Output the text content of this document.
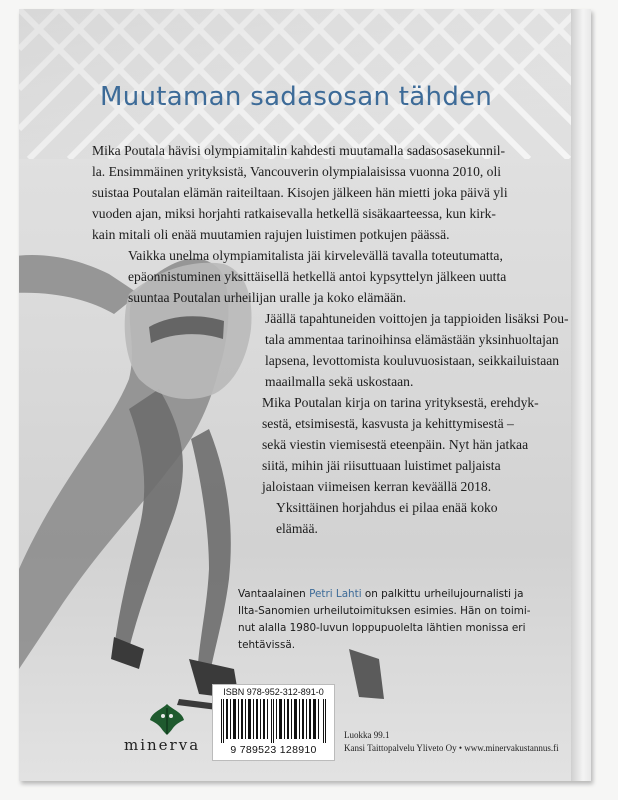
Muutaman sadasosan tähden
Mika Poutala hävisi olympiamitalin kahdesti muutamalla sadasosasekunnil-
la. Ensimmäinen yrityksistä, Vancouverin olympialaisissa vuonna 2010, oli
suistaa Poutalan elämän raiteiltaan. Kisojen jälkeen hän mietti joka päivä yli
vuoden ajan, miksi horjahti ratkaisevalla hetkellä sisäkaarteessa, kun kirk-
kain mitali oli enää muutamien rajujen luistimen potkujen päässä.
Vaikka unelma olympiamitalista jäi kirvelevällä tavalla toteutumatta,
epäonnistuminen yksittäisellä hetkellä antoi kypsyttelyn jälkeen uutta
suuntaa Poutalan urheilijan uralle ja koko elämään.
Jäällä tapahtuneiden voittojen ja tappioiden lisäksi Pou-
tala ammentaa tarinoihinsa elämästään yksinhuoltajan
lapsena, levottomista kouluvuosistaan, seikkailuistaan
maailmalla sekä uskostaan.
Mika Poutalan kirja on tarina yrityksestä, erehdyk-
sestä, etsimisestä, kasvusta ja kehittymisestä –
sekä viestin viemisestä eteenpäin. Nyt hän jatkaa
siitä, mihin jäi riisuttuaan luistimet paljaista
jaloistaan viimeisen kerran keväällä 2018.
Yksittäinen horjahdus ei pilaa enää koko
elämää.
Vantaalainen Petri Lahti on palkittu urheilujournalisti ja
Ilta-Sanomien urheilutoimituksen esimies. Hän on toimi-
nut alalla 1980-luvun loppupuolelta lähtien monissa eri
tehtävissä.
minerva
ISBN 978-952-312-891-0
9 789523 128910
Luokka 99.1
Kansi Taittopalvelu Yliveto Oy • www.minervakustannus.fi
